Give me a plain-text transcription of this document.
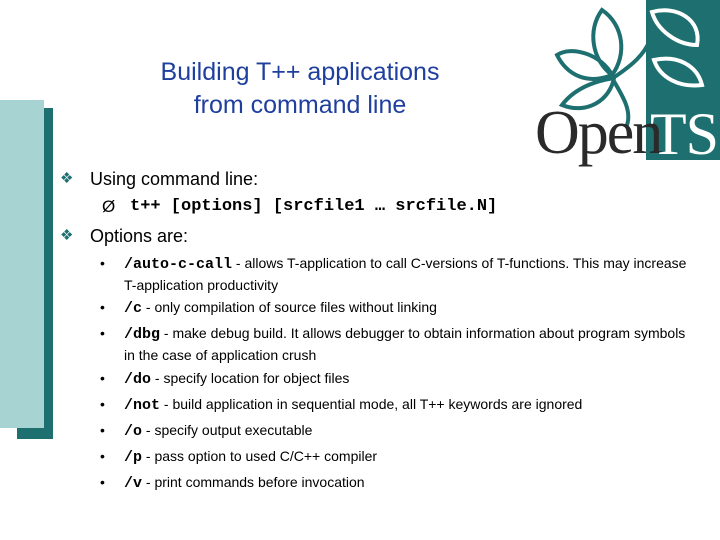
Building T++ applications
from command line	Open
TS
❖ Using command line:
Ø t++ [options] [srcfile1 … srcfile.N]
❖ Options are:
•	/auto-c-call - allows T-application to call C-versions of T-functions. This may increase T-application productivity
•	/c - only compilation of source files without linking
•	/dbg - make debug build. It allows debugger to obtain information about program symbols in the case of application crush
•	/do - specify location for object files
•	/not - build application in sequential mode, all T++ keywords are ignored
•	/o - specify output executable
•	/p - pass option to used C/C++ compiler
•	/v - print commands before invocation
